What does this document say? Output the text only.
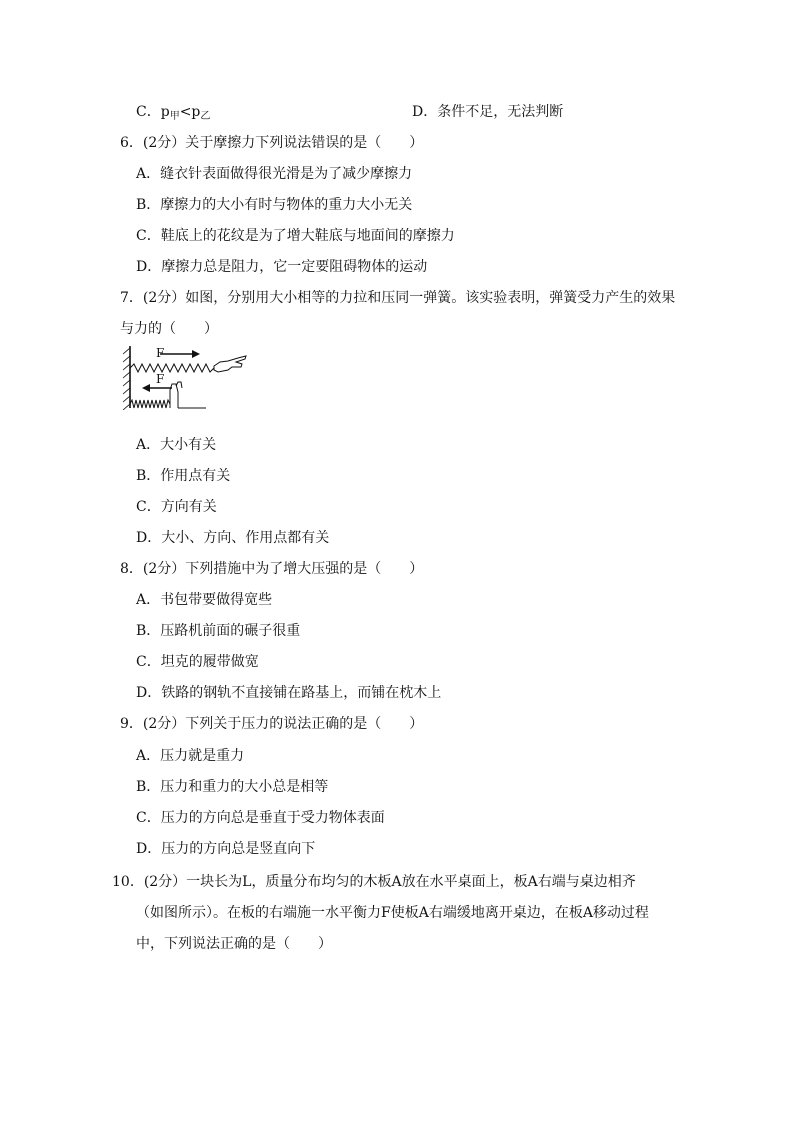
C．$p_甲<p_乙$	D．条件不足，无法判断
6．(2分）关于摩擦力下列说法错误的是（　　）
A．缝衣针表面做得很光滑是为了减少摩擦力
B．摩擦力的大小有时与物体的重力大小无关
C．鞋底上的花纹是为了增大鞋底与地面间的摩擦力
D．摩擦力总是阻力，它一定要阻碍物体的运动
7．(2分）如图，分别用大小相等的力拉和压同一弹簧。该实验表明，弹簧受力产生的效果
与力的（　　）
F
F
A．大小有关
B．作用点有关
C．方向有关
D．大小、方向、作用点都有关
8．(2分）下列措施中为了增大压强的是（　　）
A．书包带要做得宽些
B．压路机前面的碾子很重
C．坦克的履带做宽
D．铁路的钢轨不直接铺在路基上，而铺在枕木上
9．(2分）下列关于压力的说法正确的是（　　）
A．压力就是重力
B．压力和重力的大小总是相等
C．压力的方向总是垂直于受力物体表面
D．压力的方向总是竖直向下
10．(2分）一块长为L，质量分布均匀的木板A放在水平桌面上，板A右端与桌边相齐
（如图所示）。在板的右端施一水平衡力F使板A右端缓地离开桌边，在板A移动过程
中，下列说法正确的是（　　）
